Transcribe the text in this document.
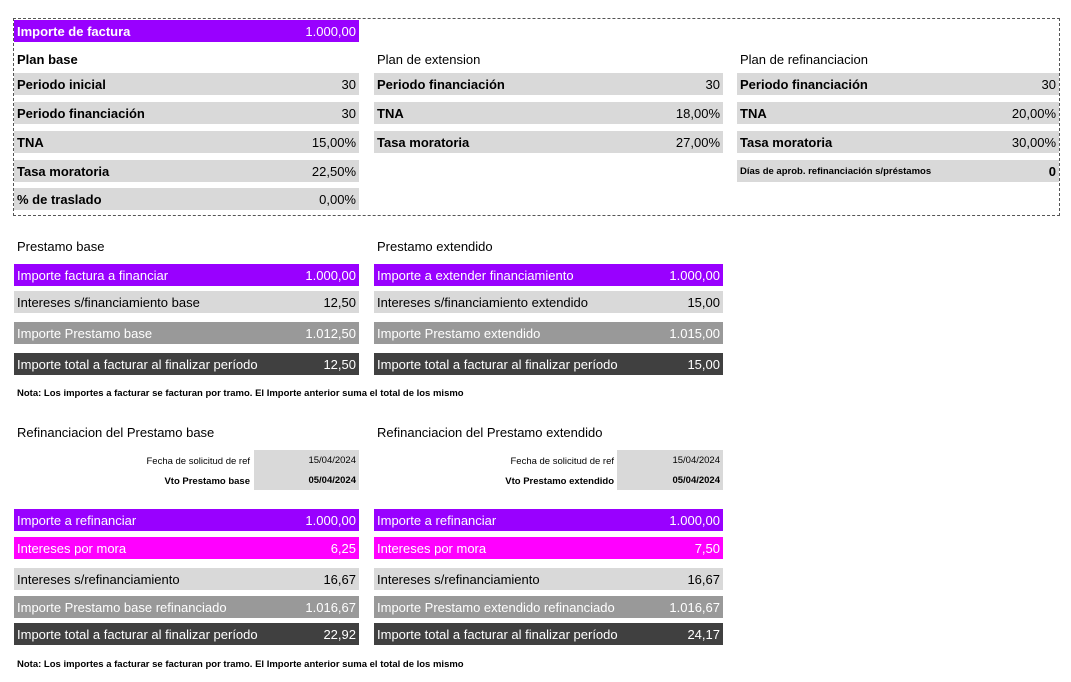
Importe de factura	1.000,00
Plan base
Periodo inicial	30
Periodo financiación	30
TNA	15,00%
Tasa moratoria	22,50%
% de traslado	0,00%
Plan de extension
Periodo financiación	30
TNA	18,00%
Tasa moratoria	27,00%
Plan de refinanciacion
Periodo financiación	30
TNA	20,00%
Tasa moratoria	30,00%
Días de aprob. refinanciación s/préstamos	0
Prestamo base
Importe factura a financiar	1.000,00
Intereses s/financiamiento base	12,50
Importe Prestamo base	1.012,50
Importe total a facturar al finalizar período	12,50
Prestamo extendido
Importe a extender financiamiento	1.000,00
Intereses s/financiamiento extendido	15,00
Importe Prestamo extendido	1.015,00
Importe total a facturar al finalizar período	15,00
Nota: Los importes a facturar se facturan por tramo. El Importe anterior suma el total de los mismo
Refinanciacion del Prestamo base
Fecha de solicitud de ref	15/04/2024
Vto Prestamo base	05/04/2024
Importe a refinanciar	1.000,00
Intereses por mora	6,25
Intereses s/refinanciamiento	16,67
Importe Prestamo base refinanciado	1.016,67
Importe total a facturar al finalizar período	22,92
Refinanciacion del Prestamo extendido
Fecha de solicitud de ref	15/04/2024
Vto Prestamo extendido	05/04/2024
Importe a refinanciar	1.000,00
Intereses por mora	7,50
Intereses s/refinanciamiento	16,67
Importe Prestamo extendido refinanciado	1.016,67
Importe total a facturar al finalizar período	24,17
Nota: Los importes a facturar se facturan por tramo. El Importe anterior suma el total de los mismo
